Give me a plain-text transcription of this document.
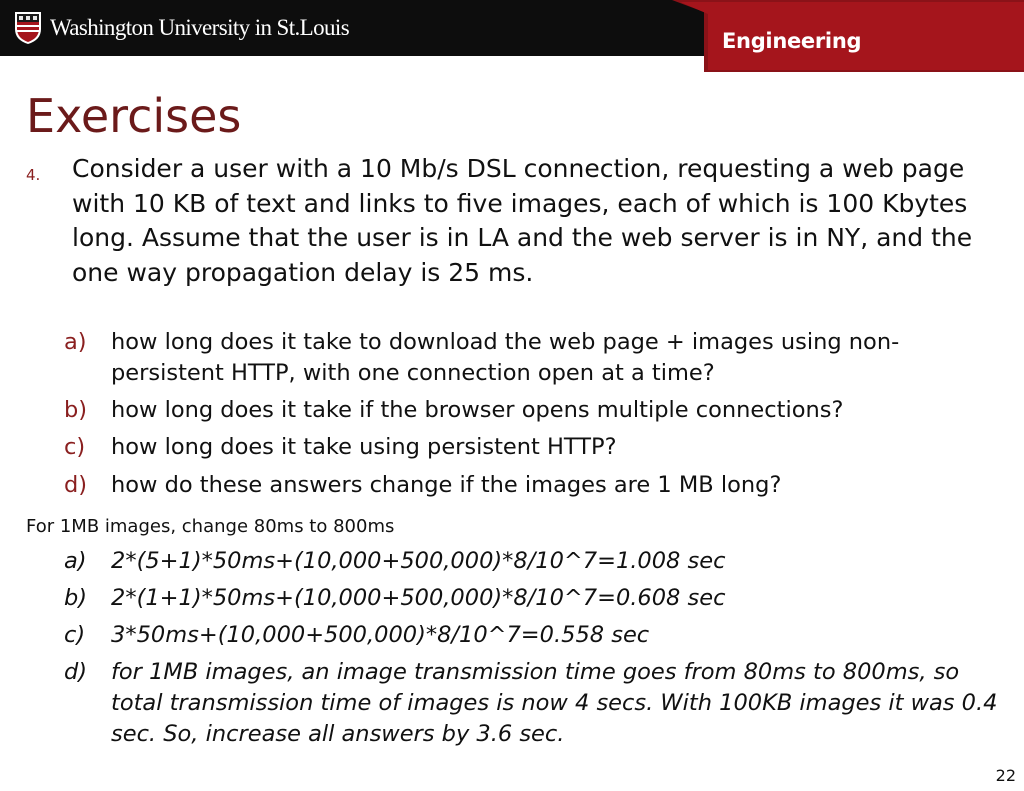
Washington University in St.Louis
Engineering
Exercises
4. Consider a user with a 10 Mb/s DSL connection, requesting a web page with 10 KB of text and links to five images, each of which is 100 Kbytes long. Assume that the user is in LA and the web server is in NY, and the one way propagation delay is 25 ms.

a) how long does it take to download the web page + images using non-persistent HTTP, with one connection open at a time?
b) how long does it take if the browser opens multiple connections?
c) how long does it take using persistent HTTP?
d) how do these answers change if the images are 1 MB long?
For 1MB images, change 80ms to 800ms
a) 2*(5+1)*50ms+(10,000+500,000)*8/10^7=1.008 sec
b) 2*(1+1)*50ms+(10,000+500,000)*8/10^7=0.608 sec
c) 3*50ms+(10,000+500,000)*8/10^7=0.558 sec
d) for 1MB images, an image transmission time goes from 80ms to 800ms, so total transmission time of images is now 4 secs. With 100KB images it was 0.4 sec. So, increase all answers by 3.6 sec.
22
